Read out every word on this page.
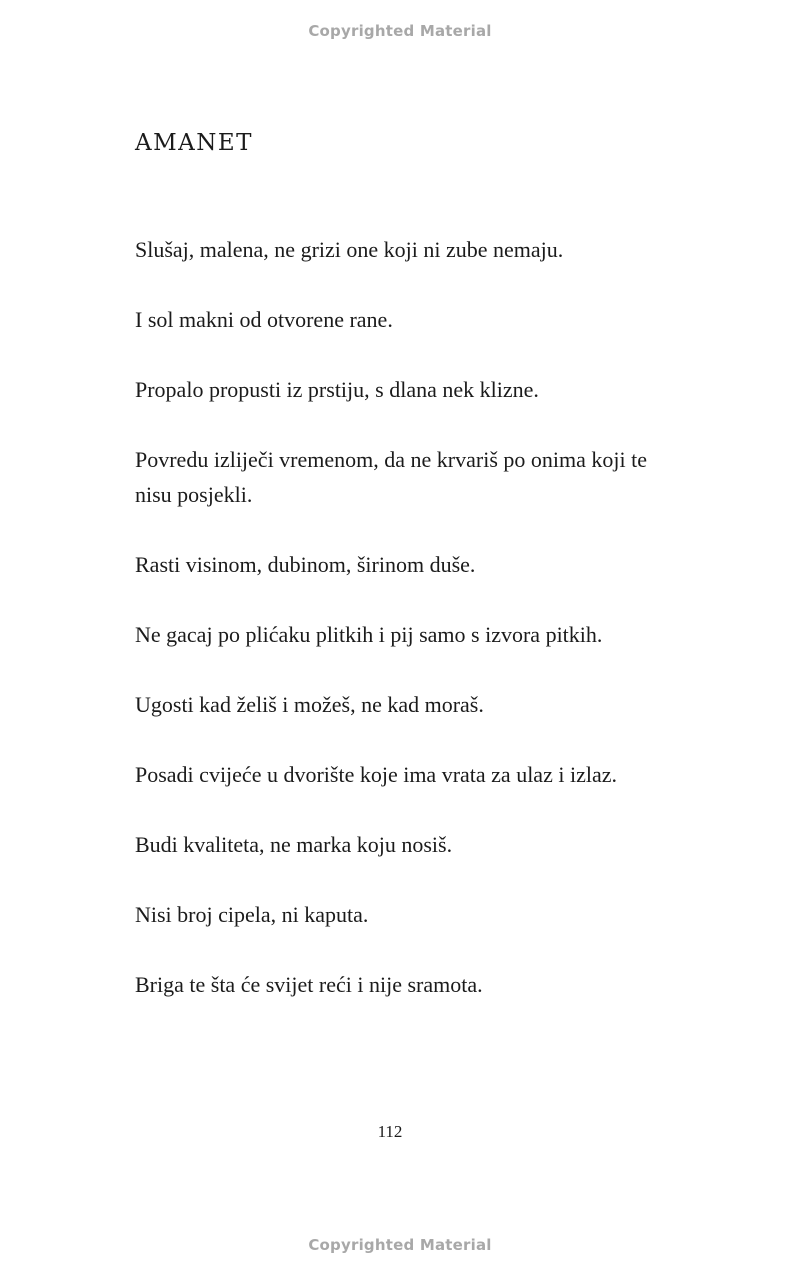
Copyrighted Material
AMANET
Slušaj, malena, ne grizi one koji ni zube nemaju.
I sol makni od otvorene rane.
Propalo propusti iz prstiju, s dlana nek klizne.
Povredu izliječi vremenom, da ne krvariš po onima koji te nisu posjekli.
Rasti visinom, dubinom, širinom duše.
Ne gacaj po plićaku plitkih i pij samo s izvora pitkih.
Ugosti kad želiš i možeš, ne kad moraš.
Posadi cvijeće u dvorište koje ima vrata za ulaz i izlaz.
Budi kvaliteta, ne marka koju nosiš.
Nisi broj cipela, ni kaputa.
Briga te šta će svijet reći i nije sramota.
112
Copyrighted Material
